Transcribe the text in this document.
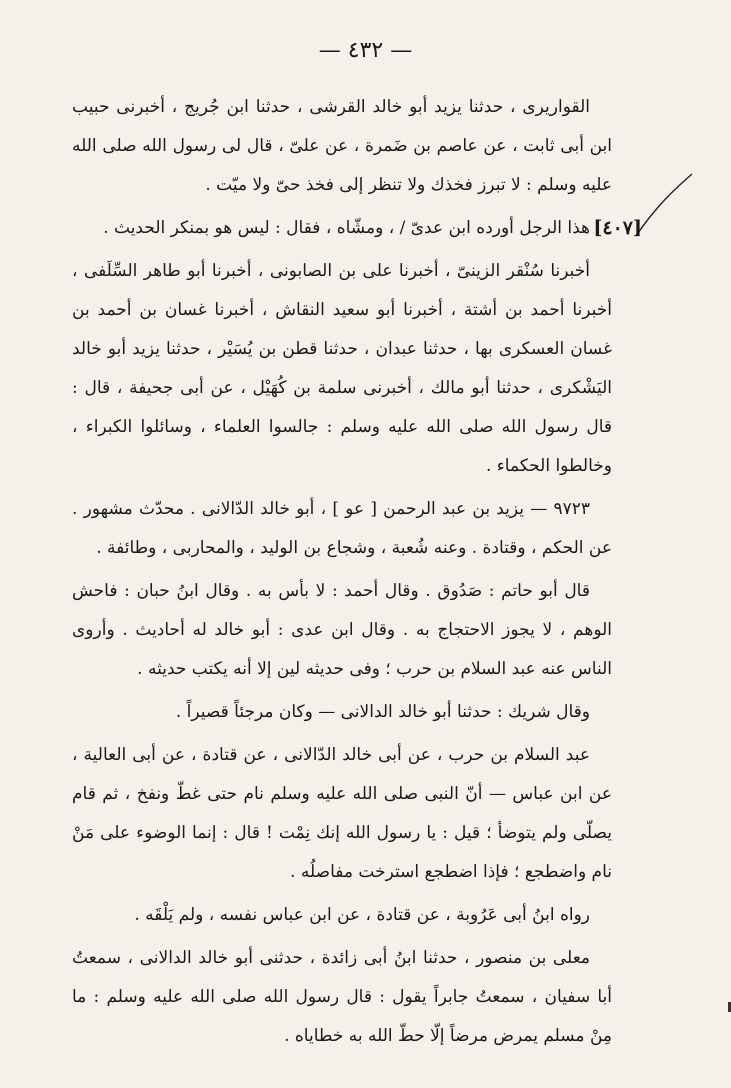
— ٤٣٢ —

القواريرى ، حدثنا يزيد أبو خالد القرشى ، حدثنا ابن جُريج ، أخبرنى حبيب ابن أبى ثابت ، عن عاصم بن ضَمرة ، عن علىّ ، قال لى رسول الله صلى الله عليه وسلم : لا تبرز فخذك ولا تنظر إلى فخذ حىّ ولا ميّت .

هذا الرجل أورده ابن عدىّ / ، ومشّاه ، فقال : ليس هو بمنكر الحديث . [٤٠٧]

أخبرنا سُنْقر الزينىّ ، أخبرنا على بن الصابونى ، أخبرنا أبو طاهر السِّلَفى ، أخبرنا أحمد بن أشتة ، أخبرنا أبو سعيد النقاش ، أخبرنا غسان بن أحمد بن غسان العسكرى بها ، حدثنا عبدان ، حدثنا قطن بن يُسَيْر ، حدثنا يزيد أبو خالد اليَشْكرى ، حدثنا أبو مالك ، أخبرنى سلمة بن كُهَيْل ، عن أبى جحيفة ، قال : قال رسول الله صلى الله عليه وسلم : جالسوا العلماء ، وسائلوا الكبراء ، وخالطوا الحكماء .

٩٧٢٣ — يزيد بن عبد الرحمن [ عو ] ، أبو خالد الدّالانى . محدّث مشهور . عن الحكم ، وقتادة . وعنه شُعبة ، وشجاع بن الوليد ، والمحاربى ، وطائفة .

قال أبو حاتم : صَدُوق . وقال أحمد : لا بأس به . وقال ابنُ حبان : فاحش الوهم ، لا يجوز الاحتجاج به . وقال ابن عدى : أبو خالد له أحاديث . وأروى الناس عنه عبد السلام بن حرب ؛ وفى حديثه لين إلا أنه يكتب حديثه .

وقال شريك : حدثنا أبو خالد الدالانى — وكان مرجئاً قصيراً .

عبد السلام بن حرب ، عن أبى خالد الدّالانى ، عن قتادة ، عن أبى العالية ، عن ابن عباس — أنّ النبى صلى الله عليه وسلم نام حتى غطّ ونفخ ، ثم قام يصلّى ولم يتوضأ ؛ قيل : يا رسول الله إنك نِمْت ! قال : إنما الوضوء على مَنْ نام واضطجع ؛ فإذا اضطجع استرخت مفاصلُه .

رواه ابنُ أبى عَرُوبة ، عن قتادة ، عن ابن عباس نفسه ، ولم يَلْقَه .

معلى بن منصور ، حدثنا ابنُ أبى زائدة ، حدثنى أبو خالد الدالانى ، سمعتُ أبا سفيان ، سمعتُ جابراً يقول : قال رسول الله صلى الله عليه وسلم : ما مِنْ مسلم يمرض مرضاً إلّا حطّ الله به خطاياه .
